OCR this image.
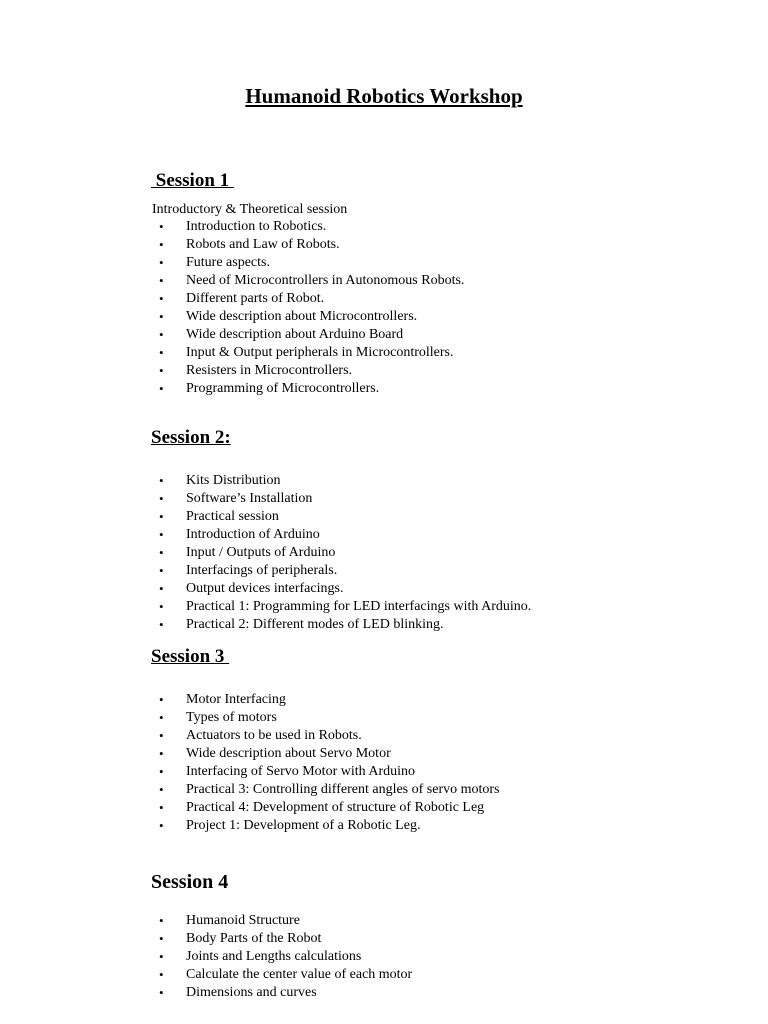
Humanoid Robotics Workshop
Session 1

Introductory & Theoretical session

•	Introduction to Robotics.
•	Robots and Law of Robots.
•	Future aspects.
•	Need of Microcontrollers in Autonomous Robots.
•	Different parts of Robot.
•	Wide description about Microcontrollers.
•	Wide description about Arduino Board
•	Input & Output peripherals in Microcontrollers.
•	Resisters in Microcontrollers.
•	Programming of Microcontrollers.
Session 2:
•	Kits Distribution
•	Software’s Installation
•	Practical session
•	Introduction of Arduino
•	Input / Outputs of Arduino
•	Interfacings of peripherals.
•	Output devices interfacings.
•	Practical 1: Programming for LED interfacings with Arduino.
•	Practical 2: Different modes of LED blinking.
Session 3
•	Motor Interfacing
•	Types of motors
•	Actuators to be used in Robots.
•	Wide description about Servo Motor
•	Interfacing of Servo Motor with Arduino
•	Practical 3: Controlling different angles of servo motors
•	Practical 4: Development of structure of Robotic Leg
•	Project 1: Development of a Robotic Leg.
Session 4
•	Humanoid Structure
•	Body Parts of the Robot
•	Joints and Lengths calculations
•	Calculate the center value of each motor
•	Dimensions and curves
